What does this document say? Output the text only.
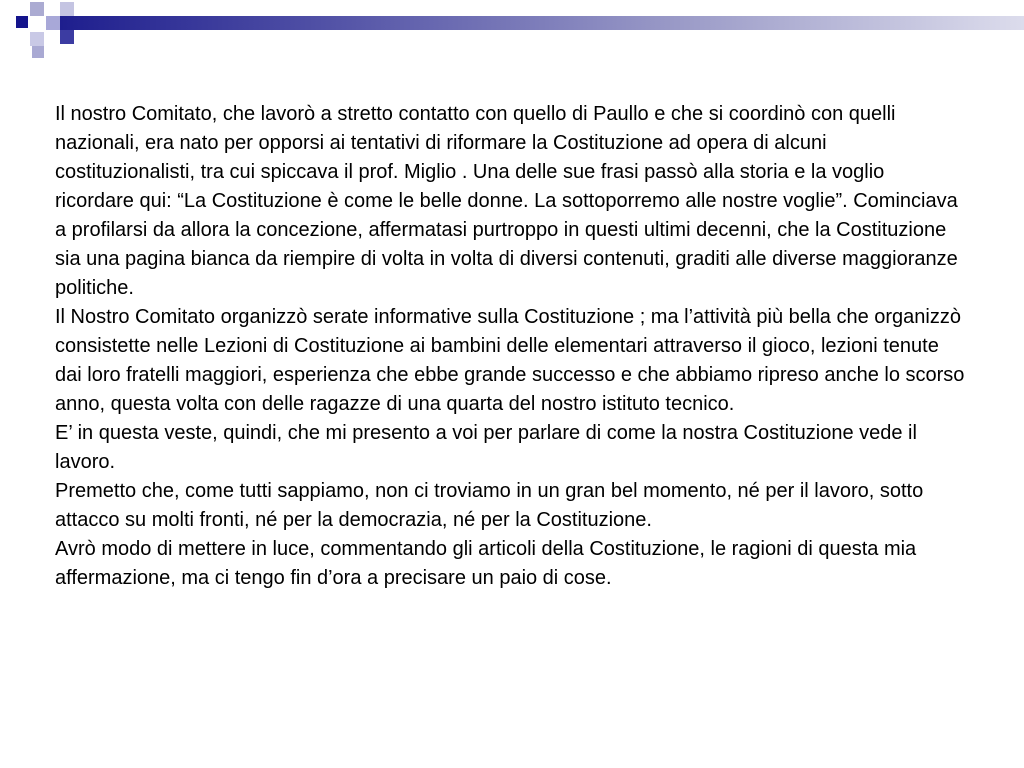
Il nostro Comitato, che lavorò a stretto contatto con quello di Paullo e che si coordinò con quelli nazionali, era nato per opporsi ai tentativi di riformare la Costituzione ad opera di alcuni costituzionalisti, tra cui spiccava il prof. Miglio . Una delle sue frasi passò alla storia e la voglio ricordare qui: “La Costituzione è come le belle donne. La sottoporremo alle nostre voglie”. Cominciava a profilarsi da allora la concezione, affermatasi purtroppo in questi ultimi decenni, che la Costituzione sia una pagina bianca da riempire di volta in volta di diversi contenuti, graditi alle diverse maggioranze politiche.

Il Nostro Comitato organizzò serate informative sulla Costituzione ; ma l’attività più bella che organizzò consistette nelle Lezioni di Costituzione ai bambini delle elementari attraverso il gioco, lezioni tenute dai loro fratelli maggiori, esperienza che ebbe grande successo e che abbiamo ripreso anche lo scorso anno, questa volta con delle ragazze di una quarta del nostro istituto tecnico.

E’ in questa veste, quindi, che mi presento a voi per parlare di come la nostra Costituzione vede il lavoro.

Premetto che, come tutti sappiamo, non ci troviamo in un gran bel momento, né per il lavoro, sotto attacco su molti fronti, né per la democrazia, né per la Costituzione.

Avrò modo di mettere in luce, commentando gli articoli della Costituzione, le ragioni di questa mia affermazione, ma ci tengo fin d’ora a precisare un paio di cose.
